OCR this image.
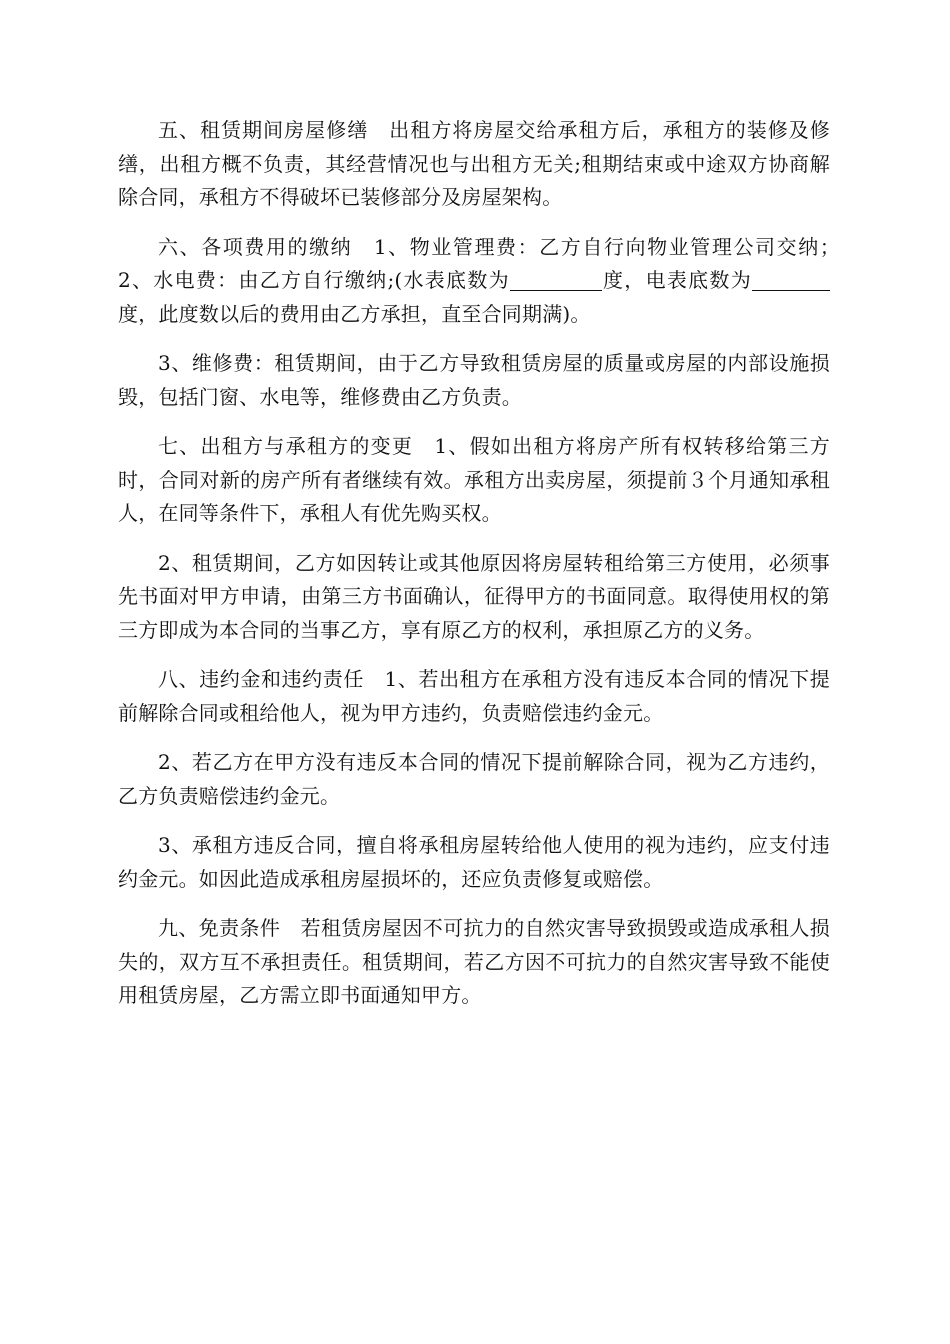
五、租赁期间房屋修缮　出租方将房屋交给承租方后，承租方的装修及修缮，出租方概不负责，其经营情况也与出租方无关;租期结束或中途双方协商解除合同，承租方不得破坏已装修部分及房屋架构。

六、各项费用的缴纳　1、物业管理费：乙方自行向物业管理公司交纳；　2、水电费：由乙方自行缴纳;(水表底数为	度，电表底数为度，此度数以后的费用由乙方承担，直至合同期满)。

3、维修费：租赁期间，由于乙方导致租赁房屋的质量或房屋的内部设施损毁，包括门窗、水电等，维修费由乙方负责。

七、出租方与承租方的变更　1、假如出租方将房产所有权转移给第三方时，合同对新的房产所有者继续有效。承租方出卖房屋，须提前３个月通知承租人，在同等条件下，承租人有优先购买权。

2、租赁期间，乙方如因转让或其他原因将房屋转租给第三方使用，必须事先书面对甲方申请，由第三方书面确认，征得甲方的书面同意。取得使用权的第三方即成为本合同的当事乙方，享有原乙方的权利，承担原乙方的义务。

八、违约金和违约责任　1、若出租方在承租方没有违反本合同的情况下提前解除合同或租给他人，视为甲方违约，负责赔偿违约金元。

2、若乙方在甲方没有违反本合同的情况下提前解除合同，视为乙方违约，乙方负责赔偿违约金元。

3、承租方违反合同，擅自将承租房屋转给他人使用的视为违约，应支付违约金元。如因此造成承租房屋损坏的，还应负责修复或赔偿。

九、免责条件　若租赁房屋因不可抗力的自然灾害导致损毁或造成承租人损失的，双方互不承担责任。租赁期间，若乙方因不可抗力的自然灾害导致不能使用租赁房屋，乙方需立即书面通知甲方。
